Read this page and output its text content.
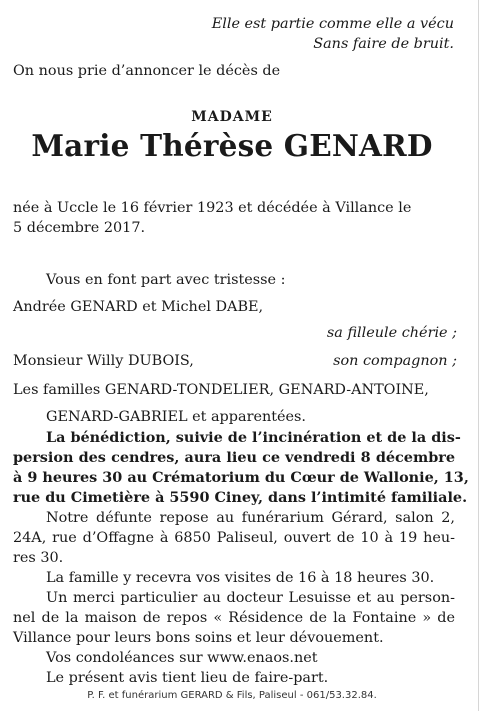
Elle est partie comme elle a vécu
Sans faire de bruit.
On nous prie d’annoncer le décès de
MADAME
Marie Thérèse GENARD
née à Uccle le 16 février 1923 et décédée à Villance le
5 décembre 2017.
Vous en font part avec tristesse :
Andrée GENARD et Michel DABE,
sa filleule chérie ;
Monsieur Willy DUBOIS,	son compagnon ;
Les familles GENARD-TONDELIER, GENARD-ANTOINE,
GENARD-GABRIEL et apparentées.
La bénédiction, suivie de l’incinération et de la dis-
persion des cendres, aura lieu ce vendredi 8 décembre
à 9 heures 30 au Crématorium du Cœur de Wallonie, 13,
rue du Cimetière à 5590 Ciney, dans l’intimité familiale.
Notre défunte repose au funérarium Gérard, salon 2,
24A, rue d’Offagne à 6850 Paliseul, ouvert de 10 à 19 heu-
res 30.
La famille y recevra vos visites de 16 à 18 heures 30.
Un merci particulier au docteur Lesuisse et au person-
nel de la maison de repos « Résidence de la Fontaine » de
Villance pour leurs bons soins et leur dévouement.
Vos condoléances sur www.enaos.net
Le présent avis tient lieu de faire-part.
P. F. et funérarium GERARD & Fils, Paliseul - 061/53.32.84.
